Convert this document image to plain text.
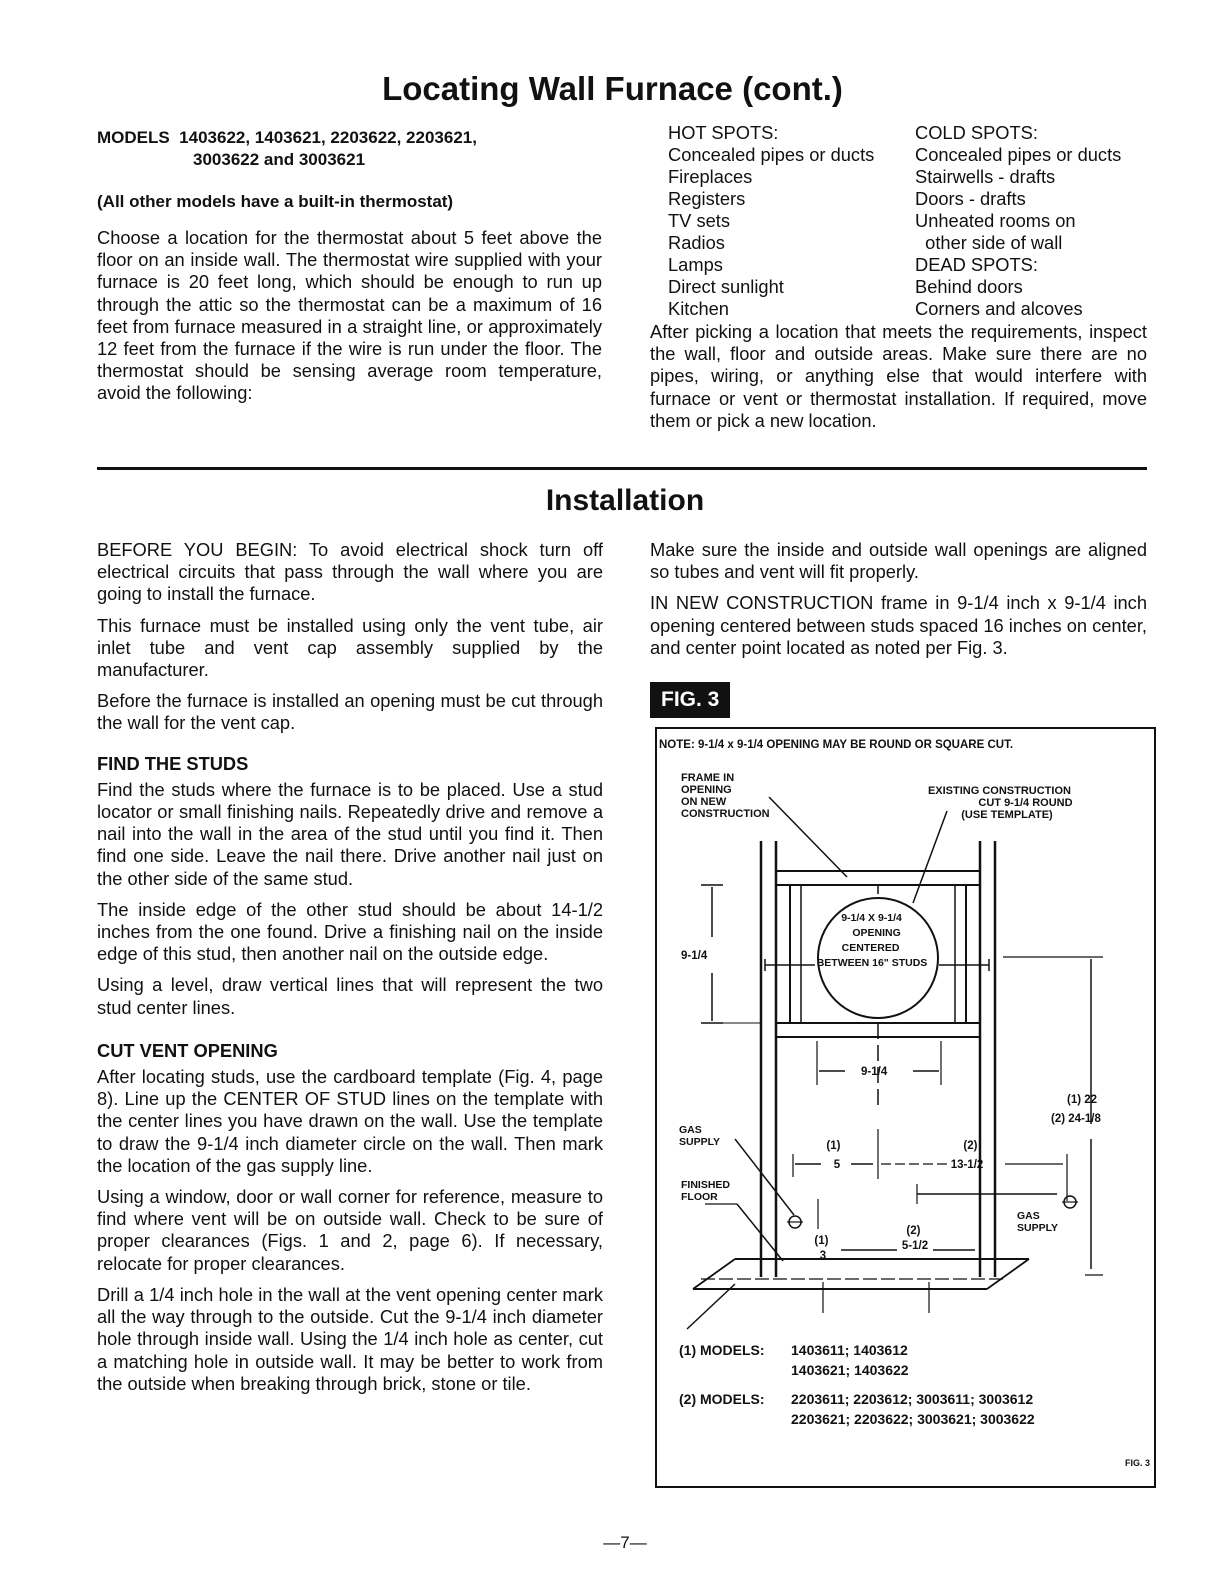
Locating Wall Furnace (cont.)
MODELS  1403622, 1403621, 2203622, 2203621,
3003622 and 3003621
(All other models have a built-in thermostat)

Choose a location for the thermostat about 5 feet above the floor on an inside wall. The thermostat wire supplied with your furnace is 20 feet long, which should be enough to run up through the attic so the thermostat can be a maximum of 16 feet from furnace measured in a straight line, or approximately 12 feet from the furnace if the wire is run under the floor. The thermostat should be sensing average room temperature, avoid the following:

HOT SPOTS:
Concealed pipes or ducts
Fireplaces
Registers
TV sets
Radios
Lamps
Direct sunlight
Kitchen
COLD SPOTS:
Concealed pipes or ducts
Stairwells - drafts
Doors - drafts
Unheated rooms on
other side of wall
DEAD SPOTS:
Behind doors
Corners and alcoves

After picking a location that meets the requirements, inspect the wall, floor and outside areas. Make sure there are no pipes, wiring, or anything else that would interfere with furnace or vent or thermostat installation. If required, move them or pick a new location.

Installation

BEFORE YOU BEGIN: To avoid electrical shock turn off electrical circuits that pass through the wall where you are going to install the furnace.

This furnace must be installed using only the vent tube, air inlet tube and vent cap assembly supplied by the manufacturer.

Before the furnace is installed an opening must be cut through the wall for the vent cap.

FIND THE STUDS

Find the studs where the furnace is to be placed. Use a stud locator or small finishing nails. Repeatedly drive and remove a nail into the wall in the area of the stud until you find it. Then find one side. Leave the nail there. Drive another nail just on the other side of the same stud.

The inside edge of the other stud should be about 14-1/2 inches from the one found. Drive a finishing nail on the inside edge of this stud, then another nail on the outside edge.

Using a level, draw vertical lines that will represent the two stud center lines.

CUT VENT OPENING

After locating studs, use the cardboard template (Fig. 4, page 8). Line up the CENTER OF STUD lines on the template with the center lines you have drawn on the wall. Use the template to draw the 9-1/4 inch diameter circle on the wall. Then mark the location of the gas supply line.

Using a window, door or wall corner for reference, measure to find where vent will be on outside wall. Check to be sure of proper clearances (Figs. 1 and 2, page 6). If necessary, relocate for proper clearances.

Drill a 1/4 inch hole in the wall at the vent opening center mark all the way through to the outside. Cut the 9-1/4 inch diameter hole through inside wall. Using the 1/4 inch hole as center, cut a matching hole in outside wall. It may be better to work from the outside when breaking through brick, stone or tile.

Make sure the inside and outside wall openings are aligned so tubes and vent will fit properly.

IN NEW CONSTRUCTION frame in 9-1/4 inch x 9-1/4 inch opening centered between studs spaced 16 inches on center, and center point located as noted per Fig. 3.

FIG. 3
NOTE: 9-1/4 x 9-1/4 OPENING MAY BE ROUND OR SQUARE CUT.
FRAME IN OPENING ON NEW CONSTRUCTION
EXISTING CONSTRUCTION CUT 9-1/4 ROUND (USE TEMPLATE)
9-1/4 X 9-1/4 OPENING CENTERED BETWEEN 16" STUDS
9-1/4
9-1/4
GAS SUPPLY
FINISHED FLOOR
(1) 5
(2) 13-1/2
(1) 22 (2) 24-1/8
GAS SUPPLY
(1) 3
(2) 5-1/2
(1) MODELS: 1403611; 1403612 1403621; 1403622
(2) MODELS: 2203611; 2203612; 3003611; 3003612 2203621; 2203622; 3003621; 3003622
FIG. 3
—7—
